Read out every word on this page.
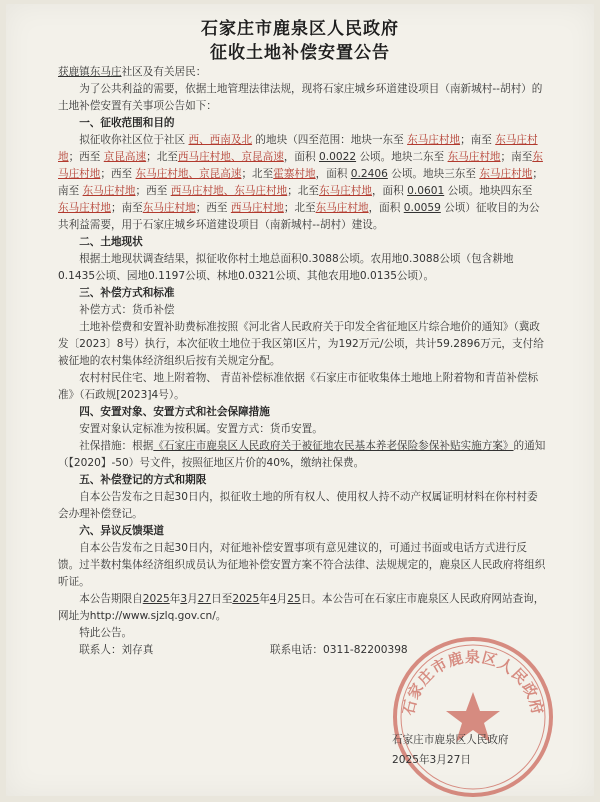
石家庄市鹿泉区人民政府
征收土地补偿安置公告

获鹿镇东马庄社区及有关居民：

为了公共利益的需要，依据土地管理法律法规，现将石家庄城乡环道建设项目（南新城村--胡村）的土地补偿安置有关事项公告如下：

一、征收范围和目的

拟征收你社区位于社区 西、西南及北 的地块（四至范围：地块一东至 东马庄村地；南至 东马庄村地；西至 京昆高速；北至西马庄村地、京昆高速，面积 0.0022 公顷。地块二东至 东马庄村地；南至东马庄村地；西至 东马庄村地、京昆高速；北至霍寨村地，面积 0.2406 公顷。地块三东至 东马庄村地；南至 东马庄村地；西至 西马庄村地、东马庄村地；北至东马庄村地，面积 0.0601 公顷。地块四东至 东马庄村地；南至东马庄村地；西至 西马庄村地；北至东马庄村地，面积 0.0059 公顷）征收目的为公共利益需要，用于石家庄城乡环道建设项目（南新城村--胡村）建设。

二、土地现状

根据土地现状调查结果，拟征收你村土地总面积0.3088公顷。农用地0.3088公顷（包含耕地0.1435公顷、园地0.1197公顷、林地0.0321公顷、其他农用地0.0135公顷）。

三、补偿方式和标准

补偿方式：货币补偿

土地补偿费和安置补助费标准按照《河北省人民政府关于印发全省征地区片综合地价的通知》（冀政发〔2023〕8号）执行，本次征收土地位于我区第Ⅰ区片，为192万元/公顷，共计59.2896万元，支付给被征地的农村集体经济组织后按有关规定分配。

农村村民住宅、地上附着物、 青苗补偿标准依据《石家庄市征收集体土地地上附着物和青苗补偿标准》（石政规[2023]4号）。

四、安置对象、安置方式和社会保障措施

安置对象认定标准为按积属。安置方式：货币安置。

社保措施：根据《石家庄市鹿泉区人民政府关于被征地农民基本养老保险参保补贴实施方案》的通知（【2020】-50）号文件，按照征地区片价的40%，缴纳社保费。

五、补偿登记的方式和期限

自本公告发布之日起30日内，拟征收土地的所有权人、使用权人持不动产权属证明材料在你村村委会办理补偿登记。

六、异议反馈渠道

自本公告发布之日起30日内，对征地补偿安置事项有意见建议的，可通过书面或电话方式进行反馈。过半数村集体经济组织成员认为征地补偿安置方案不符合法律、法规规定的，鹿泉区人民政府将组织听证。

本公告期限自2025年3月27日至2025年4月25日。本公告可在石家庄市鹿泉区人民政府网站查询，网址为http://www.sjzlq.gov.cn/。

特此公告。

联系人：刘存真	联系电话：0311-82200398
石家庄市鹿泉区人民政府
石家庄市鹿泉区人民政府
2025年3月27日
